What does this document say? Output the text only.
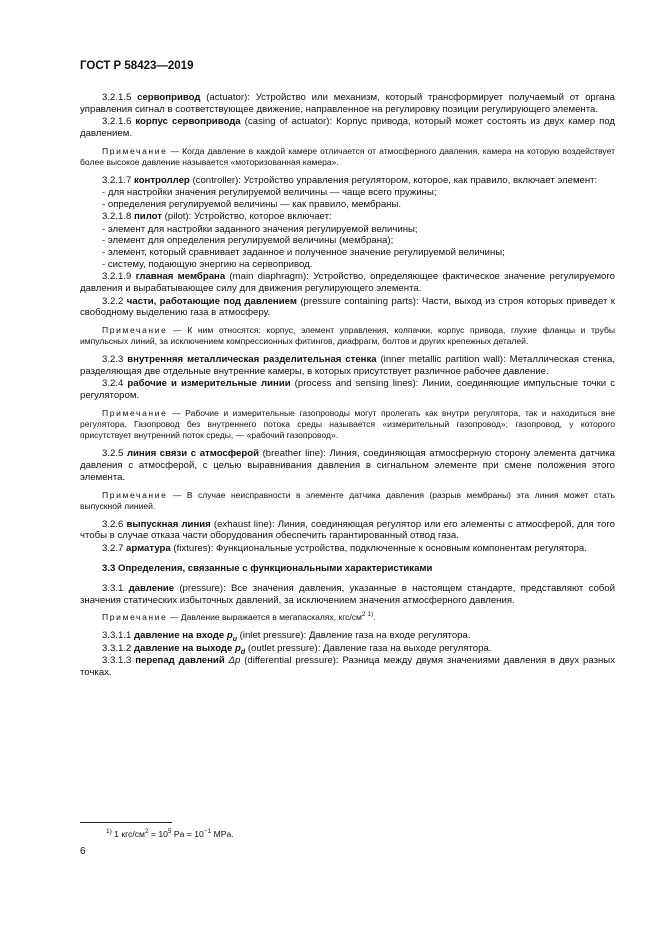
ГОСТ Р 58423—2019
3.2.1.5 сервопривод (actuator): Устройство или механизм, который трансформирует получаемый от органа управления сигнал в соответствующее движение, направленное на регулировку позиции регулирующего элемента.
3.2.1.6 корпус сервопривода (casing of actuator): Корпус привода, который может состоять из двух камер под давлением.
Примечание — Когда давление в каждой камере отличается от атмосферного давления, камера на которую воздействует более высокое давление называется «моторизованная камера».
3.2.1.7 контроллер (controller): Устройство управления регулятором, которое, как правило, включает элемент:
- для настройки значения регулируемой величины — чаще всего пружины;
- определения регулируемой величины — как правило, мембраны.
3.2.1.8 пилот (pilot): Устройство, которое включает:
- элемент для настройки заданного значения регулируемой величины;
- элемент для определения регулируемой величины (мембрана);
- элемент, который сравнивает заданное и полученное значение регулируемой величины;
- систему, подающую энергию на сервопривод.
3.2.1.9 главная мембрана (main diaphragm): Устройство, определяющее фактическое значение регулируемого давления и вырабатывающее силу для движения регулирующего элемента.
3.2.2 части, работающие под давлением (pressure containing parts): Части, выход из строя которых приведет к свободному выделению газа в атмосферу.
Примечание — К ним относятся: корпус, элемент управления, колпачки, корпус привода, глухие фланцы и трубы импульсных линий, за исключением компрессионных фитингов, диафрагм, болтов и других крепежных деталей.
3.2.3 внутренняя металлическая разделительная стенка (inner metallic partition wall): Металлическая стенка, разделяющая две отдельные внутренние камеры, в которых присутствует различное рабочее давление.
3.2.4 рабочие и измерительные линии (process and sensing lines): Линии, соединяющие импульсные точки с регулятором.
Примечание — Рабочие и измерительные газопроводы могут пролегать как внутри регулятора, так и находиться вне регулятора. Газопровод без внутреннего потока среды называется «измерительный газопровод»; газопровод, у которого присутствует внутренний поток среды, — «рабочий газопровод».
3.2.5 линия связи с атмосферой (breather line): Линия, соединяющая атмосферную сторону элемента датчика давления с атмосферой, с целью выравнивания давления в сигнальном элементе при смене положения этого элемента.
Примечание — В случае неисправности в элементе датчика давления (разрыв мембраны) эта линия может стать выпускной линией.
3.2.6 выпускная линия (exhaust line): Линия, соединяющая регулятор или его элементы с атмосферой, для того чтобы в случае отказа части оборудования обеспечить гарантированный отвод газа.
3.2.7 арматура (fixtures): Функциональные устройства, подключенные к основным компонентам регулятора.
3.3 Определения, связанные с функциональными характеристиками
3.3.1 давление (pressure): Все значения давления, указанные в настоящем стандарте, представляют собой значения статических избыточных давлений, за исключением значения атмосферного давления.
Примечание — Давление выражается в мегапаскалях, кгс/$см^{2 1)}$.
3.3.1.1 давление на входе $p_u$ (inlet pressure): Давление газа на входе регулятора.
3.3.1.2 давление на выходе $p_d$ (outlet pressure): Давление газа на выходе регулятора.
3.3.1.3 перепад давлений Δp (differential pressure): Разница между двумя значениями давления в двух разных точках.
$^{1)}$ 1 кгс/$см^2 = 10^5$ $Pa = 10^{-1}$ MPa.
6
